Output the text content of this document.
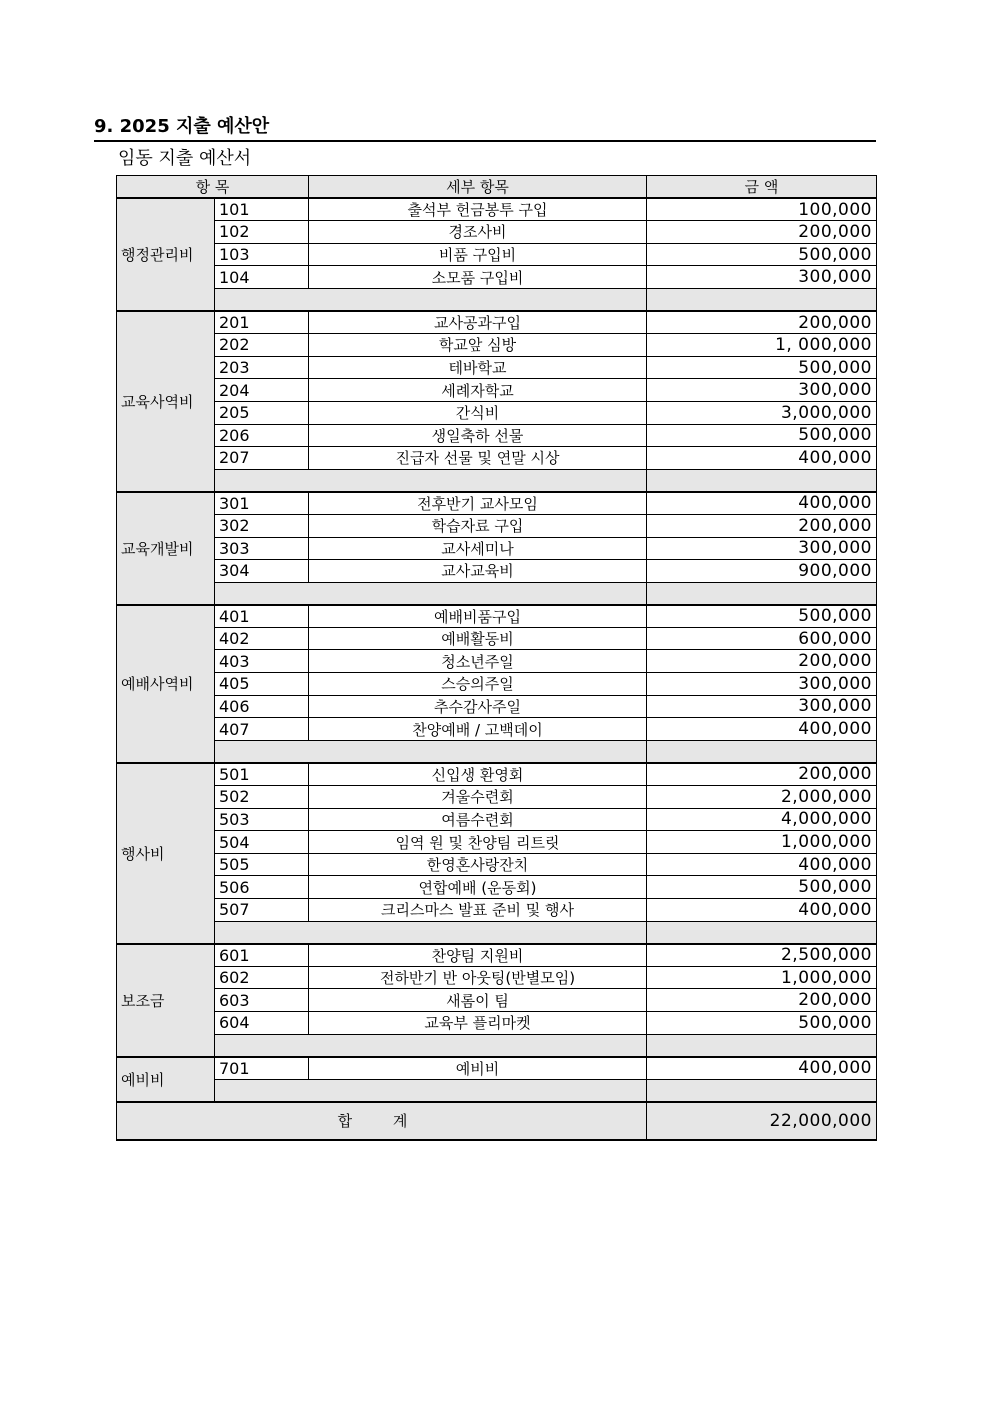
9. 2025 지출 예산안
임동 지출 예산서
항 목		세부 항목	금 액
행정관리비	101	출석부 헌금봉투 구입	100,000
	102	경조사비	200,000
	103	비품 구입비	500,000
	104	소모품 구입비	300,000

교육사역비	201	교사공과구입	200,000
	202	학교앞 심방	1, 000,000
	203	테바학교	500,000
	204	세례자학교	300,000
	205	간식비	3,000,000
	206	생일축하 선물	500,000
	207	진급자 선물 및 연말 시상	400,000

교육개발비	301	전후반기 교사모임	400,000
	302	학습자료 구입	200,000
	303	교사세미나	300,000
	304	교사교육비	900,000

예배사역비	401	예배비품구입	500,000
	402	예배활동비	600,000
	403	청소년주일	200,000
	405	스승의주일	300,000
	406	추수감사주일	300,000
	407	찬양예배 / 고백데이	400,000

행사비	501	신입생 환영회	200,000
	502	겨울수련회	2,000,000
	503	여름수련회	4,000,000
	504	임역 원 및 찬양팀 리트릿	1,000,000
	505	한영혼사랑잔치	400,000
	506	연합예배 (운동회)	500,000
	507	크리스마스 발표 준비 및 행사	400,000

보조금	601	찬양팀 지원비	2,500,000
	602	전하반기 반 아웃팅(반별모임)	1,000,000
	603	새롬이 팀	200,000
	604	교육부 플리마켓	500,000

예비비	701	예비비	400,000

합 계			22,000,000
